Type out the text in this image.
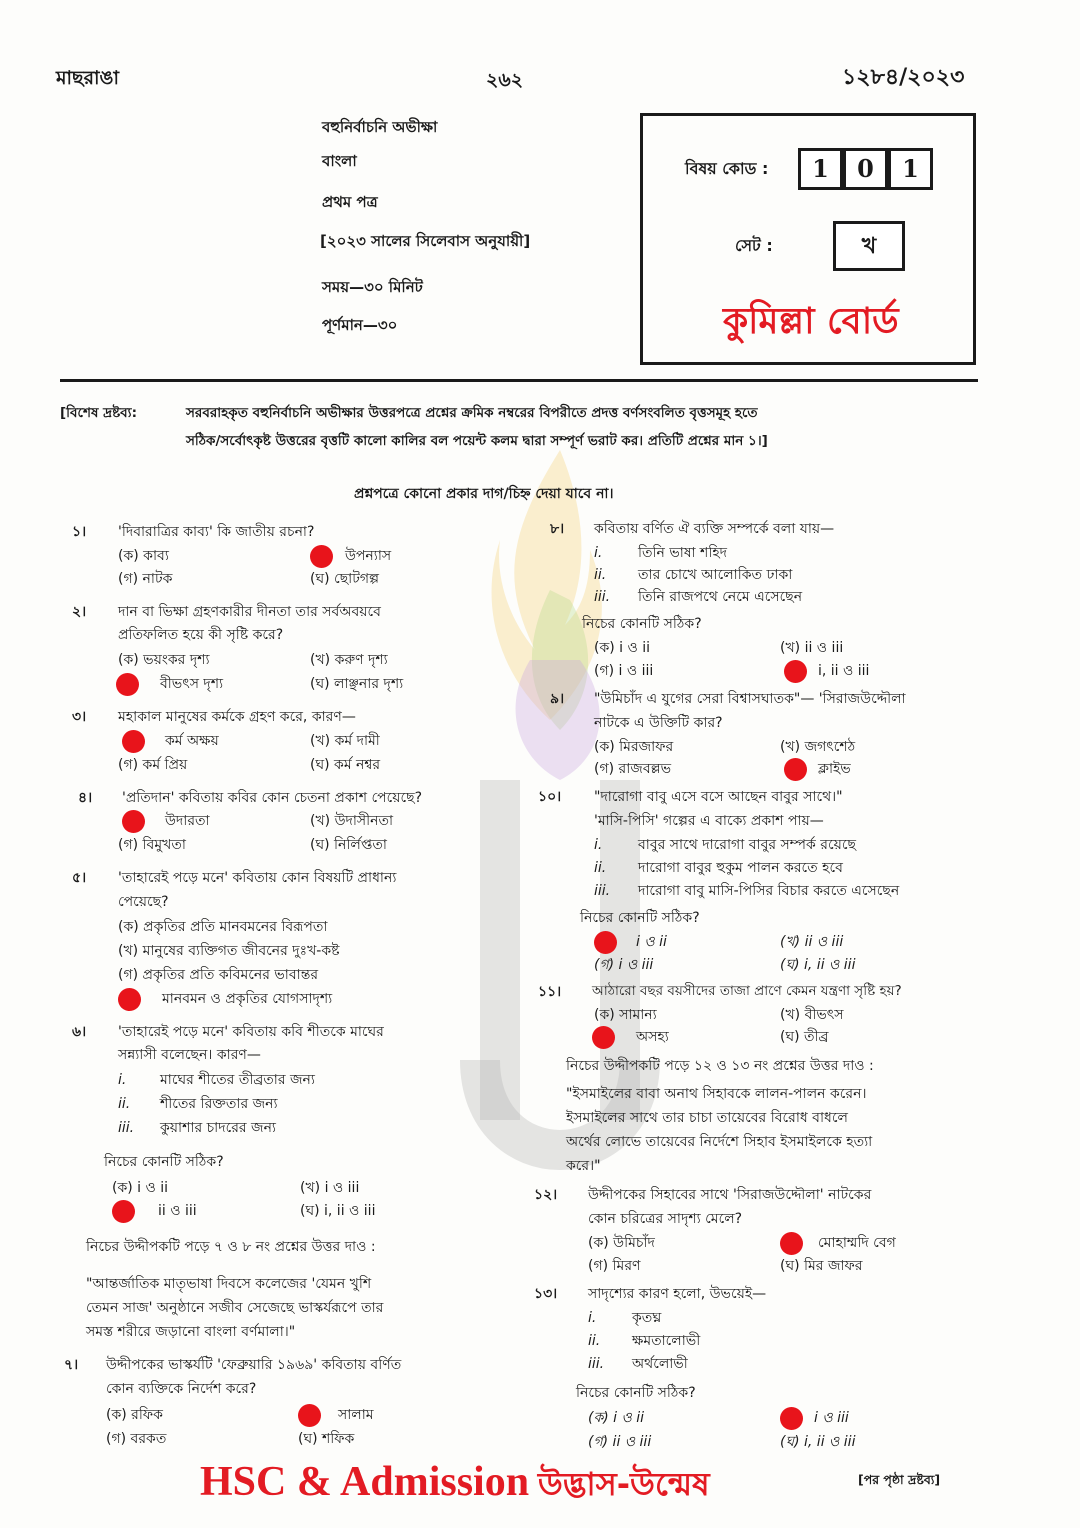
মাছরাঙা	২৬২	১২৮৪/২০২৩
বহুনির্বাচনি অভীক্ষা
বাংলা
প্রথম পত্র
[২০২৩ সালের সিলেবাস অনুযায়ী]
সময়—৩০ মিনিট
পূর্ণমান—৩০
বিষয় কোড :	1	0	1
সেট :	খ
কুমিল্লা বোর্ড
[বিশেষ দ্রষ্টব্য:	সরবরাহকৃত বহুনির্বাচনি অভীক্ষার উত্তরপত্রে প্রশ্নের ক্রমিক নম্বরের বিপরীতে প্রদত্ত বর্ণসংবলিত বৃত্তসমূহ হতে
সঠিক/সর্বোৎকৃষ্ট উত্তরের বৃত্তটি কালো কালির বল পয়েন্ট কলম দ্বারা সম্পূর্ণ ভরাট কর। প্রতিটি প্রশ্নের মান ১।]
প্রশ্নপত্রে কোনো প্রকার দাগ/চিহ্ন দেয়া যাবে না।
১। 'দিবারাত্রির কাব্য' কি জাতীয় রচনা?
(ক) কাব্য	উপন্যাস
(গ) নাটক	(ঘ) ছোটগল্প
২। দান বা ভিক্ষা গ্রহণকারীর দীনতা তার সর্বঅবয়বে
প্রতিফলিত হয়ে কী সৃষ্টি করে?
(ক) ভয়ংকর দৃশ্য	(খ) করুণ দৃশ্য
বীভৎস দৃশ্য	(ঘ) লাঞ্ছনার দৃশ্য
৩। মহাকাল মানুষের কর্মকে গ্রহণ করে, কারণ—
কর্ম অক্ষয়	(খ) কর্ম দামী
(গ) কর্ম প্রিয়	(ঘ) কর্ম নশ্বর
৪। 'প্রতিদান' কবিতায় কবির কোন চেতনা প্রকাশ পেয়েছে?
উদারতা	(খ) উদাসীনতা
(গ) বিমুখতা	(ঘ) নির্লিপ্ততা
৫। 'তাহারেই পড়ে মনে' কবিতায় কোন বিষয়টি প্রাধান্য
পেয়েছে?
(ক) প্রকৃতির প্রতি মানবমনের বিরূপতা
(খ) মানুষের ব্যক্তিগত জীবনের দুঃখ-কষ্ট
(গ) প্রকৃতির প্রতি কবিমনের ভাবান্তর
মানবমন ও প্রকৃতির যোগসাদৃশ্য
৬। 'তাহারেই পড়ে মনে' কবিতায় কবি শীতকে মাঘের
সন্ন্যাসী বলেছেন। কারণ—
i. মাঘের শীতের তীব্রতার জন্য
ii. শীতের রিক্ততার জন্য
iii. কুয়াশার চাদরের জন্য
নিচের কোনটি সঠিক?
(ক) i ও ii	(খ) i ও iii
ii ও iii	(ঘ) i, ii ও iii
নিচের উদ্দীপকটি পড়ে ৭ ও ৮ নং প্রশ্নের উত্তর দাও :
"আন্তর্জাতিক মাতৃভাষা দিবসে কলেজের 'যেমন খুশি
তেমন সাজ' অনুষ্ঠানে সজীব সেজেছে ভাস্কর্যরূপে তার
সমস্ত শরীরে জড়ানো বাংলা বর্ণমালা।"
৭। উদ্দীপকের ভাস্কর্যটি 'ফেব্রুয়ারি ১৯৬৯' কবিতায় বর্ণিত
কোন ব্যক্তিকে নির্দেশ করে?
(ক) রফিক	সালাম
(গ) বরকত	(ঘ) শফিক
৮। কবিতায় বর্ণিত ঐ ব্যক্তি সম্পর্কে বলা যায়—
i.	তিনি ভাষা শহিদ
ii. তার চোখে আলোকিত ঢাকা
iii. তিনি রাজপথে নেমে এসেছেন
নিচের কোনটি সঠিক?
(ক) i ও ii	(খ) ii ও iii
(গ) i ও iii	i, ii ও iii
৯। "উমিচাঁদ এ যুগের সেরা বিশ্বাসঘাতক"— 'সিরাজউদ্দৌলা
নাটকে এ উক্তিটি কার?
(ক) মিরজাফর	(খ) জগৎশেঠ
(গ) রাজবল্লভ	ক্লাইভ
১০। "দারোগা বাবু এসে বসে আছেন বাবুর সাথে।"
'মাসি-পিসি' গল্পের এ বাক্যে প্রকাশ পায়—
i.	বাবুর সাথে দারোগা বাবুর সম্পর্ক রয়েছে
ii. দারোগা বাবুর হুকুম পালন করতে হবে
iii. দারোগা বাবু মাসি-পিসির বিচার করতে এসেছেন
নিচের কোনটি সঠিক?
i ও ii	(খ) ii ও iii
(গ) i ও iii	(ঘ) i, ii ও iii
১১। আঠারো বছর বয়সীদের তাজা প্রাণে কেমন যন্ত্রণা সৃষ্টি হয়?
(ক) সামান্য	(খ) বীভৎস
অসহ্য	(ঘ) তীব্র
নিচের উদ্দীপকটি পড়ে ১২ ও ১৩ নং প্রশ্নের উত্তর দাও :
"ইসমাইলের বাবা অনাথ সিহাবকে লালন-পালন করেন।
ইসমাইলের সাথে তার চাচা তায়েবের বিরোধ বাধলে
অর্থের লোভে তায়েবের নির্দেশে সিহাব ইসমাইলকে হত্যা
করে।"
১২। উদ্দীপকের সিহাবের সাথে 'সিরাজউদ্দৌলা' নাটকের
কোন চরিত্রের সাদৃশ্য মেলে?
(ক) উমিচাঁদ	মোহাম্মদি বেগ
(গ) মিরণ	(ঘ) মির জাফর
১৩। সাদৃশ্যের কারণ হলো, উভয়েই—
i.	কৃতঘ্ন
ii. ক্ষমতালোভী
iii. অর্থলোভী
নিচের কোনটি সঠিক?
(ক) i ও ii	i ও iii
(গ) ii ও iii	(ঘ) i, ii ও iii
HSC & Admission উদ্ভাস-উন্মেষ	[পর পৃষ্ঠা দ্রষ্টব্য]
